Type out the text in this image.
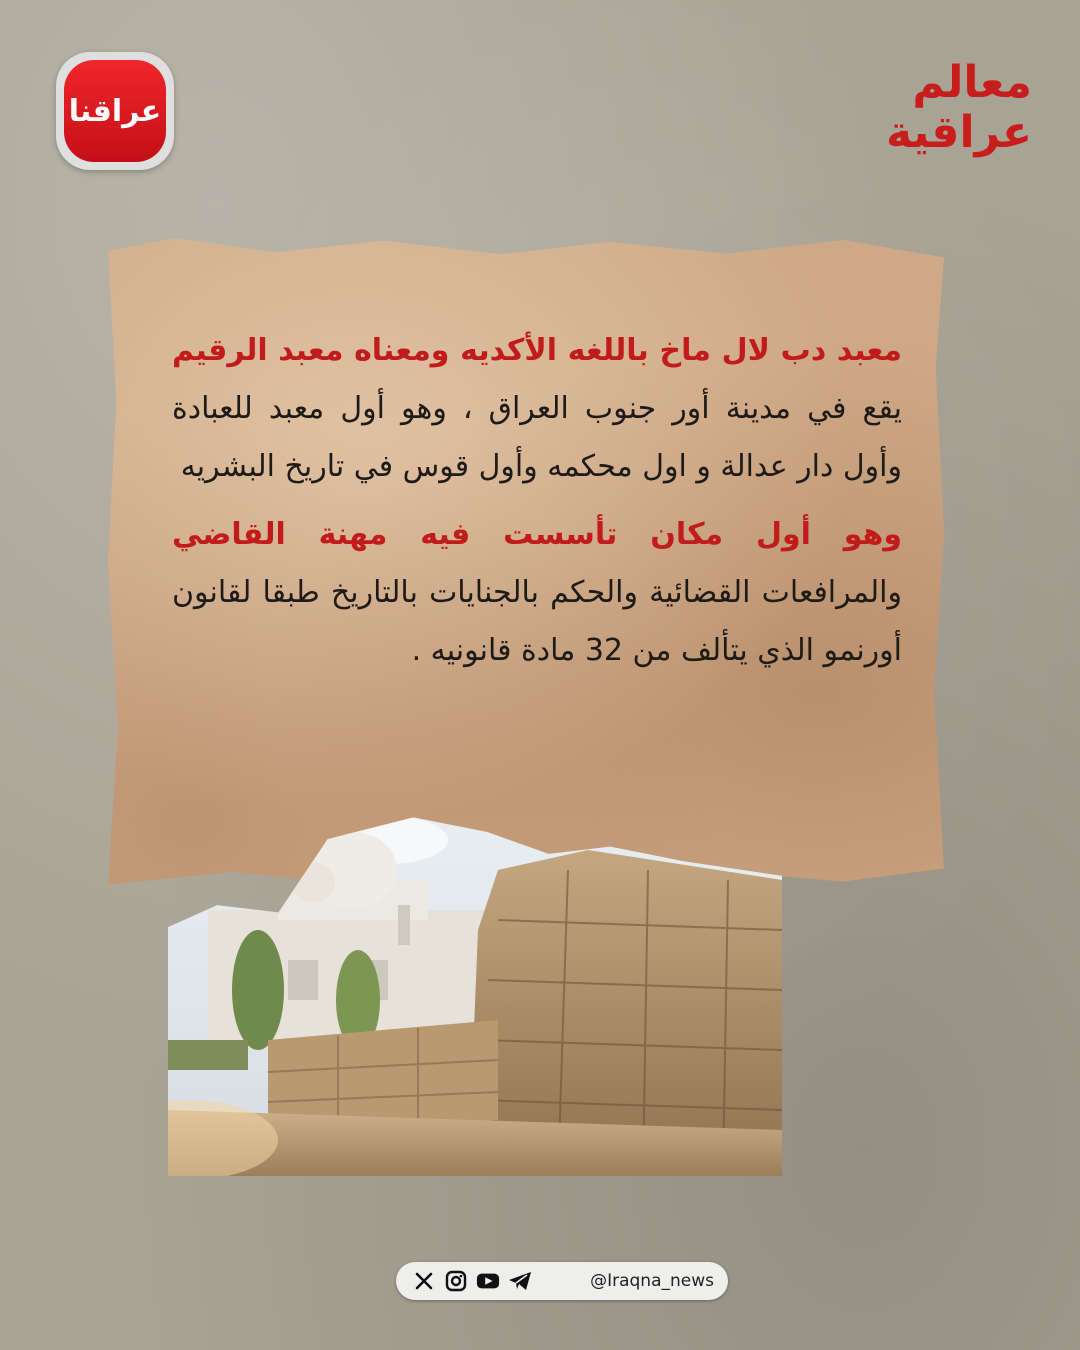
عراقنا
معالم
عراقية

معبد دب لال ماخ باللغه الأكديه ومعناه معبد الرقيم يقع في مدينة أور جنوب العراق ، وهو أول معبد للعبادة وأول دار عدالة و اول محكمه وأول قوس في تاريخ البشريه

وهو أول مكان تأسست فيه مهنة القاضي والمرافعات القضائية والحكم بالجنايات بالتاريخ طبقا لقانون أورنمو الذي يتألف من 32 مادة قانونيه .

@Iraqna_news
